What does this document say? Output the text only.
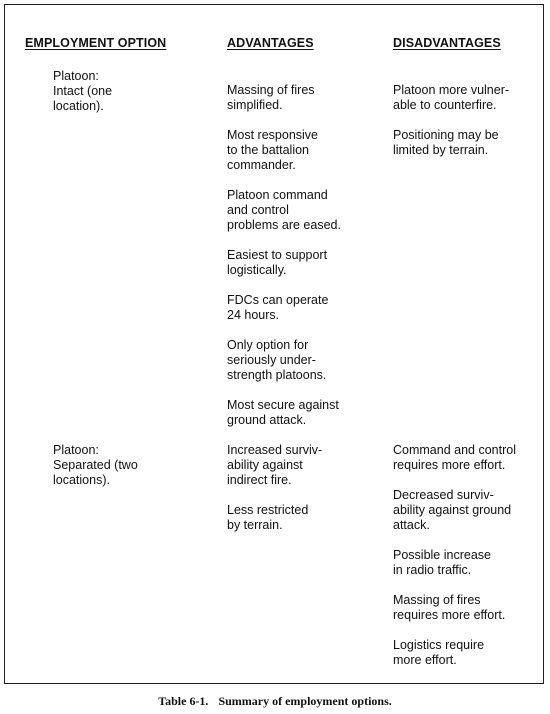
EMPLOYMENT OPTION	ADVANTAGES	DISADVANTAGES
Platoon:
Intact (one
location).
Massing of fires
simplified.
Most responsive
to the battalion
commander.
Platoon command
and control
problems are eased.
Easiest to support
logistically.
FDCs can operate
24 hours.
Only option for
seriously under-
strength platoons.
Most secure against
ground attack.
Platoon more vulner-
able to counterfire.
Positioning may be
limited by terrain.
Platoon:
Separated (two
locations).
Increased surviv-
ability against
indirect fire.
Less restricted
by terrain.
Command and control
requires more effort.
Decreased surviv-
ability against ground
attack.
Possible increase
in radio traffic.
Massing of fires
requires more effort.
Logistics require
more effort.
Table 6-1. Summary of employment options.
